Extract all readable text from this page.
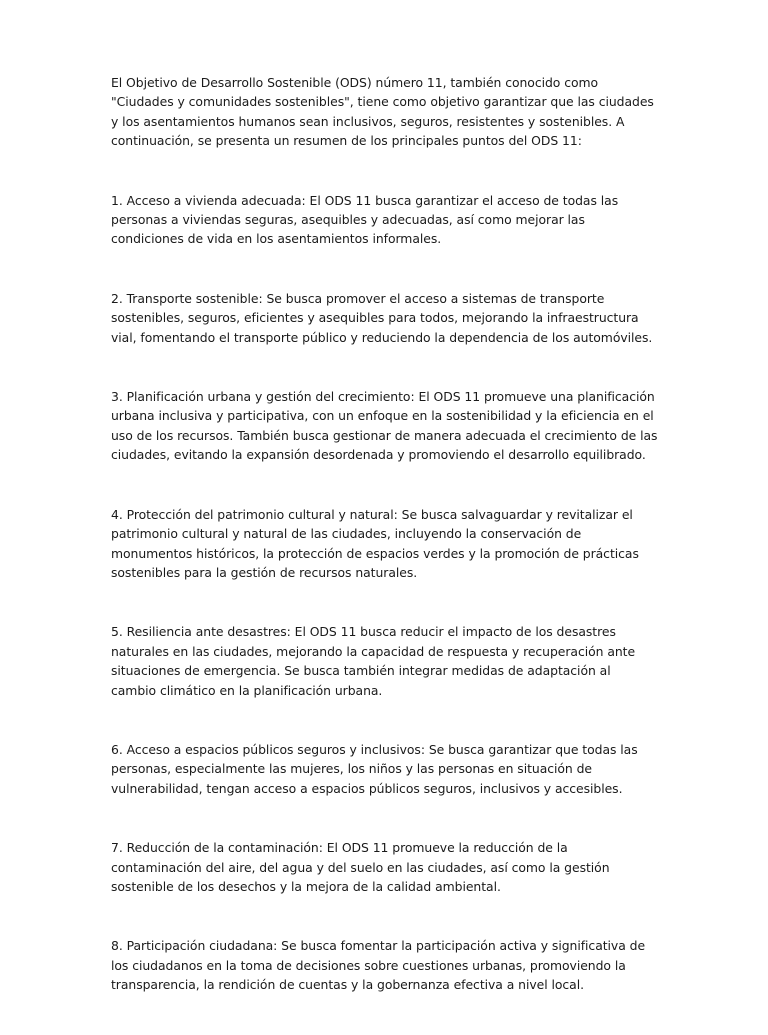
El Objetivo de Desarrollo Sostenible (ODS) número 11, también conocido como "Ciudades y comunidades sostenibles", tiene como objetivo garantizar que las ciudades y los asentamientos humanos sean inclusivos, seguros, resistentes y sostenibles. A continuación, se presenta un resumen de los principales puntos del ODS 11:

1. Acceso a vivienda adecuada: El ODS 11 busca garantizar el acceso de todas las personas a viviendas seguras, asequibles y adecuadas, así como mejorar las condiciones de vida en los asentamientos informales.

2. Transporte sostenible: Se busca promover el acceso a sistemas de transporte sostenibles, seguros, eficientes y asequibles para todos, mejorando la infraestructura vial, fomentando el transporte público y reduciendo la dependencia de los automóviles.

3. Planificación urbana y gestión del crecimiento: El ODS 11 promueve una planificación urbana inclusiva y participativa, con un enfoque en la sostenibilidad y la eficiencia en el uso de los recursos. También busca gestionar de manera adecuada el crecimiento de las ciudades, evitando la expansión desordenada y promoviendo el desarrollo equilibrado.

4. Protección del patrimonio cultural y natural: Se busca salvaguardar y revitalizar el patrimonio cultural y natural de las ciudades, incluyendo la conservación de monumentos históricos, la protección de espacios verdes y la promoción de prácticas sostenibles para la gestión de recursos naturales.

5. Resiliencia ante desastres: El ODS 11 busca reducir el impacto de los desastres naturales en las ciudades, mejorando la capacidad de respuesta y recuperación ante situaciones de emergencia. Se busca también integrar medidas de adaptación al cambio climático en la planificación urbana.

6. Acceso a espacios públicos seguros y inclusivos: Se busca garantizar que todas las personas, especialmente las mujeres, los niños y las personas en situación de vulnerabilidad, tengan acceso a espacios públicos seguros, inclusivos y accesibles.

7. Reducción de la contaminación: El ODS 11 promueve la reducción de la contaminación del aire, del agua y del suelo en las ciudades, así como la gestión sostenible de los desechos y la mejora de la calidad ambiental.

8. Participación ciudadana: Se busca fomentar la participación activa y significativa de los ciudadanos en la toma de decisiones sobre cuestiones urbanas, promoviendo la transparencia, la rendición de cuentas y la gobernanza efectiva a nivel local.
